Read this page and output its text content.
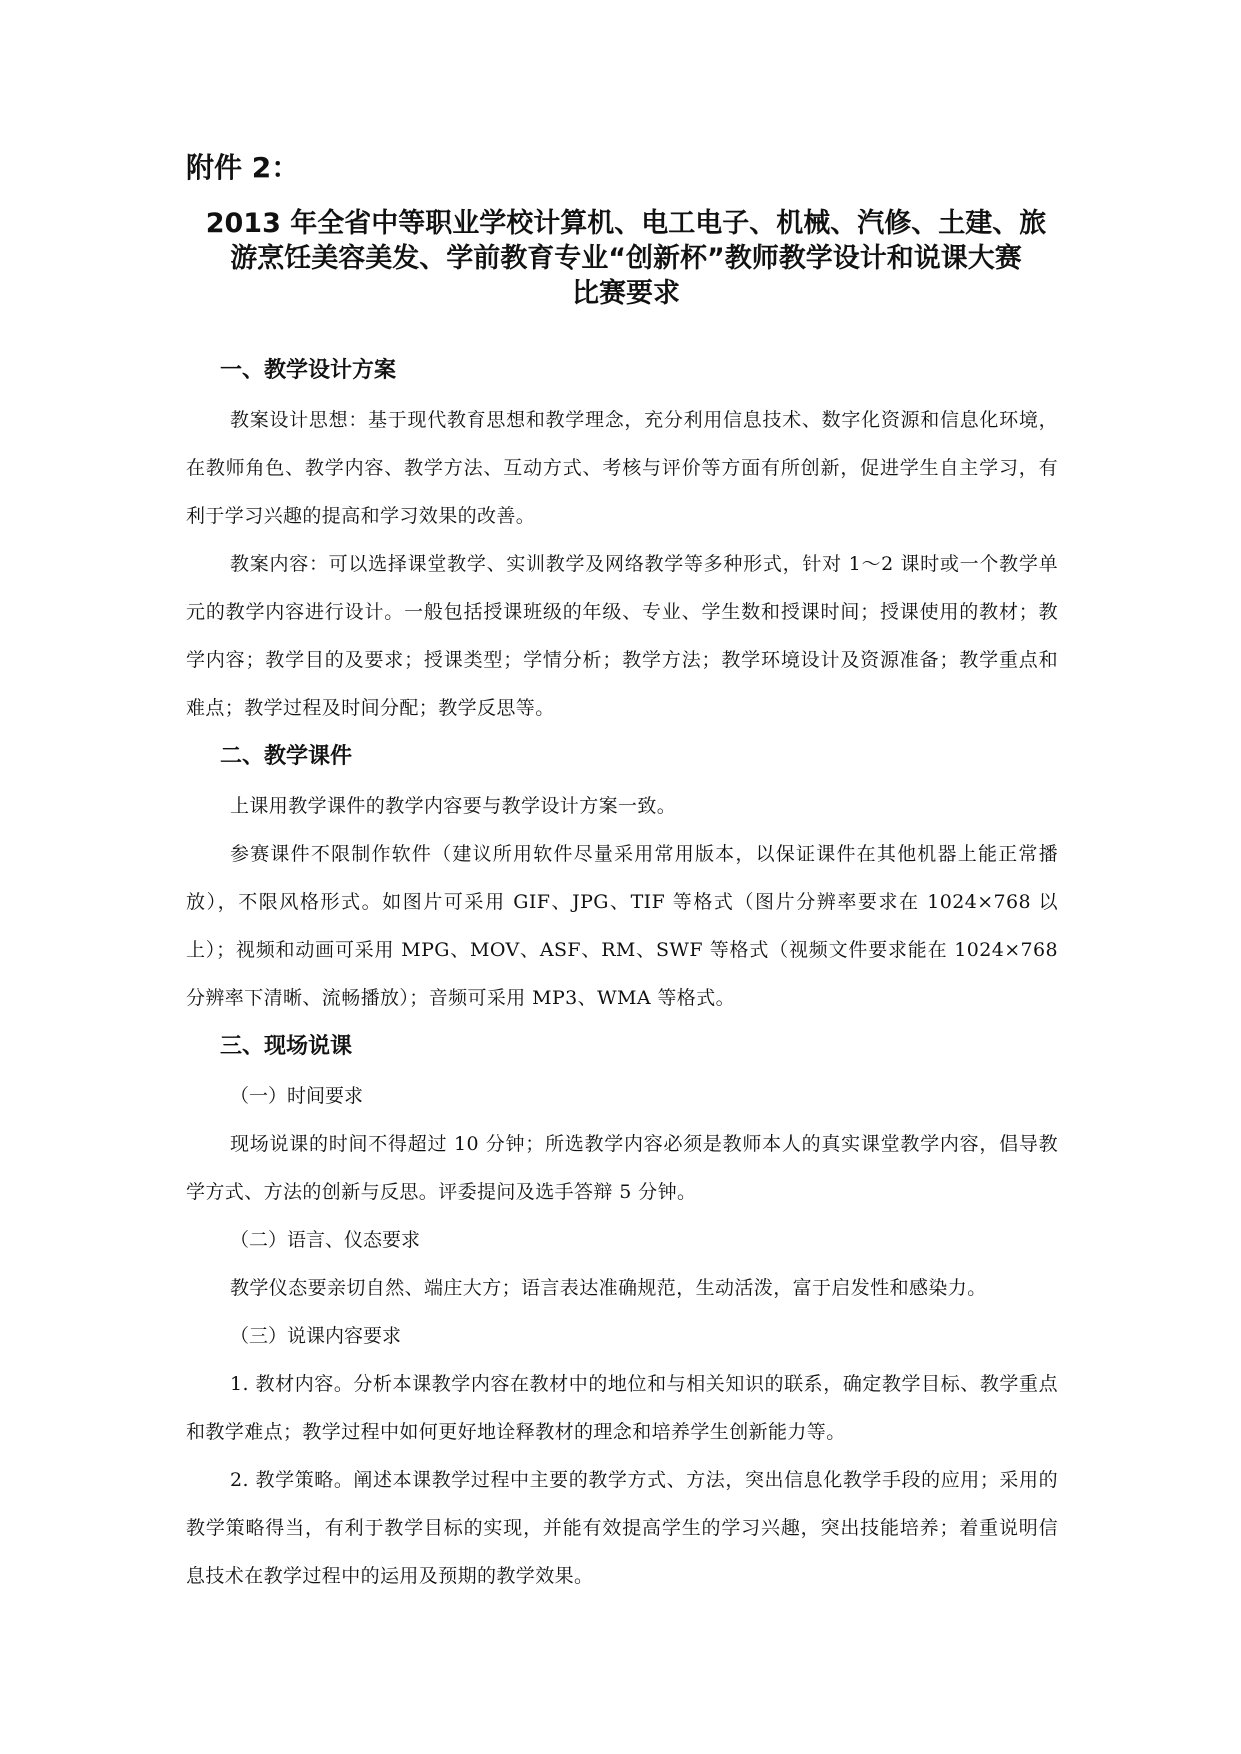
附件 2：

2013 年全省中等职业学校计算机、电工电子、机械、汽修、土建、旅
游烹饪美容美发、学前教育专业“创新杯”教师教学设计和说课大赛
比赛要求
一、教学设计方案

教案设计思想：基于现代教育思想和教学理念，充分利用信息技术、数字化资源和信息化环境，在教师角色、教学内容、教学方法、互动方式、考核与评价等方面有所创新，促进学生自主学习，有利于学习兴趣的提高和学习效果的改善。

教案内容：可以选择课堂教学、实训教学及网络教学等多种形式，针对 1～2 课时或一个教学单元的教学内容进行设计。一般包括授课班级的年级、专业、学生数和授课时间；授课使用的教材；教学内容；教学目的及要求；授课类型；学情分析；教学方法；教学环境设计及资源准备；教学重点和难点；教学过程及时间分配；教学反思等。

二、教学课件

上课用教学课件的教学内容要与教学设计方案一致。

参赛课件不限制作软件（建议所用软件尽量采用常用版本，以保证课件在其他机器上能正常播放），不限风格形式。如图片可采用 GIF、JPG、TIF 等格式（图片分辨率要求在 1024×768 以上）；视频和动画可采用 MPG、MOV、ASF、RM、SWF 等格式（视频文件要求能在 1024×768 分辨率下清晰、流畅播放）；音频可采用 MP3、WMA 等格式。

三、现场说课

（一）时间要求

现场说课的时间不得超过 10 分钟；所选教学内容必须是教师本人的真实课堂教学内容，倡导教学方式、方法的创新与反思。评委提问及选手答辩 5 分钟。

（二）语言、仪态要求

教学仪态要亲切自然、端庄大方；语言表达准确规范，生动活泼，富于启发性和感染力。

（三）说课内容要求

1. 教材内容。分析本课教学内容在教材中的地位和与相关知识的联系，确定教学目标、教学重点和教学难点；教学过程中如何更好地诠释教材的理念和培养学生创新能力等。

2. 教学策略。阐述本课教学过程中主要的教学方式、方法，突出信息化教学手段的应用；采用的教学策略得当，有利于教学目标的实现，并能有效提高学生的学习兴趣，突出技能培养；着重说明信息技术在教学过程中的运用及预期的教学效果。
